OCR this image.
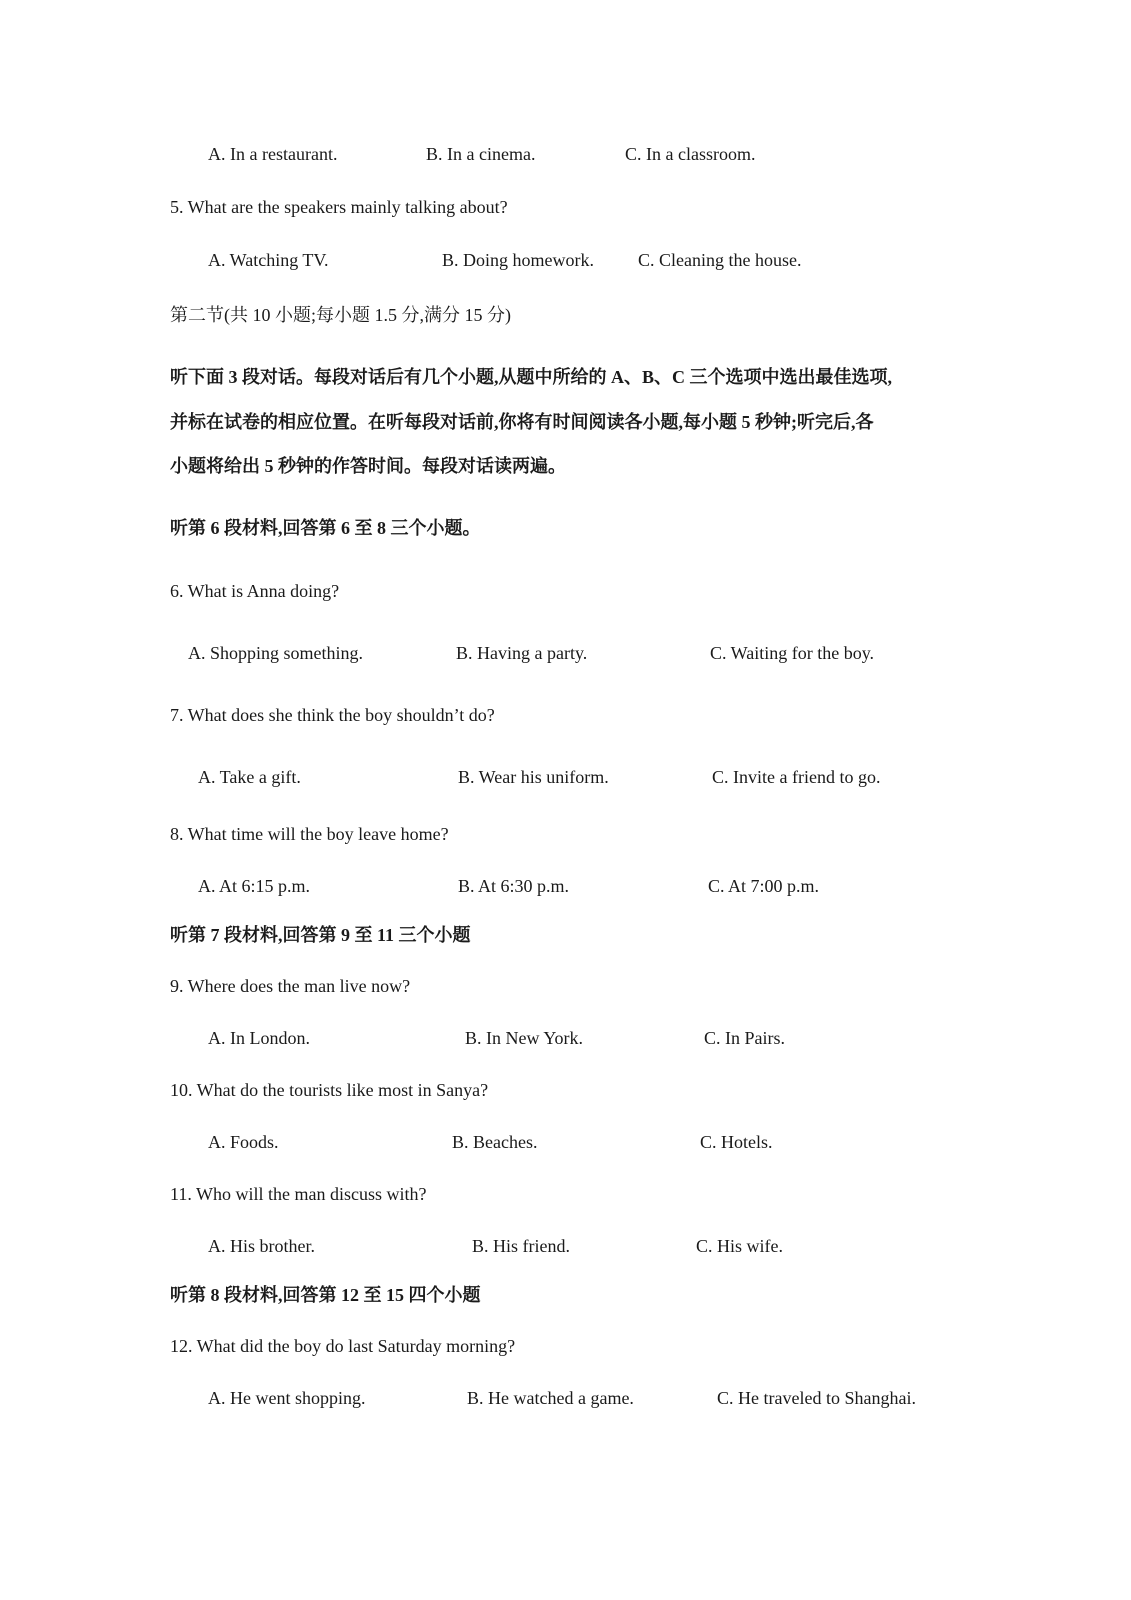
A. In a restaurant.	B. In a cinema.	C. In a classroom.
5. What are the speakers mainly talking about?
A. Watching TV.	B. Doing homework. C. Cleaning the house.
第二节(共 10 小题;每小题 1.5 分,满分 15 分)
听下面 3 段对话。每段对话后有几个小题,从题中所给的 A、B、C 三个选项中选出最佳选项,
并标在试卷的相应位置。在听每段对话前,你将有时间阅读各小题,每小题 5 秒钟;听完后,各
小题将给出 5 秒钟的作答时间。每段对话读两遍。
听第 6 段材料,回答第 6 至 8 三个小题。
6. What is Anna doing?
A. Shopping something.	B. Having a party.	C. Waiting for the boy.
7. What does she think the boy shouldn’t do?
A. Take a gift.	B. Wear his uniform.	C. Invite a friend to go.
8. What time will the boy leave home?
A. At 6:15 p.m.	B. At 6:30 p.m.	C. At 7:00 p.m.
听第 7 段材料,回答第 9 至 11 三个小题
9. Where does the man live now?
A. In London.	B. In New York.	C. In Pairs.
10. What do the tourists like most in Sanya?
A. Foods.	B. Beaches.	C. Hotels.
11. Who will the man discuss with?
A. His brother.	B. His friend.	C. His wife.
听第 8 段材料,回答第 12 至 15 四个小题
12. What did the boy do last Saturday morning?
A. He went shopping.	B. He watched a game.	C. He traveled to Shanghai.
